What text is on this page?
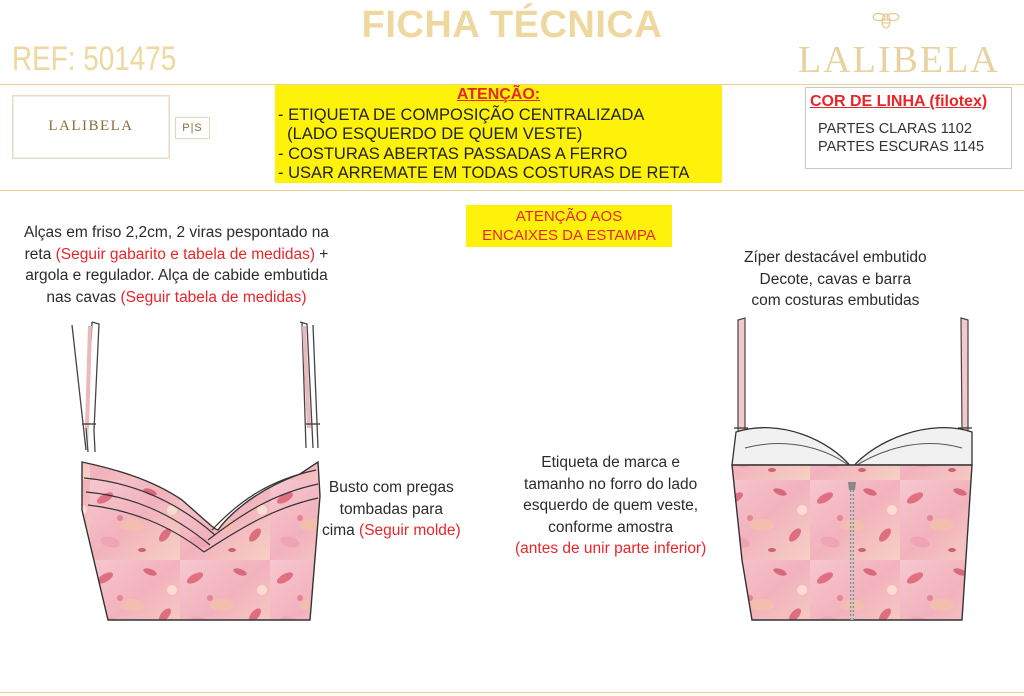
FICHA TÉCNICA
REF: 501475	LALIBELA
LALIBELA	P|S
ATENÇÃO:
- ETIQUETA DE COMPOSIÇÃO CENTRALIZADA
(LADO ESQUERDO DE QUEM VESTE)
- COSTURAS ABERTAS PASSADAS A FERRO
- USAR ARREMATE EM TODAS COSTURAS DE RETA
COR DE LINHA (filotex)
PARTES CLARAS 1102
PARTES ESCURAS 1145
ATENÇÃO AOS
ENCAIXES DA ESTAMPA
Alças em friso 2,2cm, 2 viras pespontado na
reta (Seguir gabarito e tabela de medidas) +
argola e regulador. Alça de cabide embutida
nas cavas (Seguir tabela de medidas)
Busto com pregas
tombadas para
cima (Seguir molde)
Zíper destacável embutido
Decote, cavas e barra
com costuras embutidas
Etiqueta de marca e
tamanho no forro do lado
esquerdo de quem veste,
conforme amostra
(antes de unir parte inferior)
